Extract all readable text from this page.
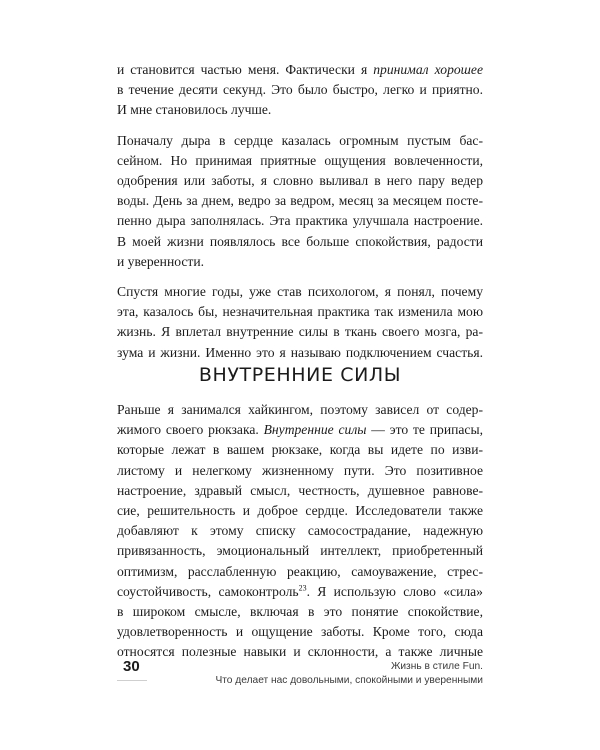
и становится частью меня. Фактически я принимал хорошее
в течение десяти секунд. Это было быстро, легко и приятно.
И мне становилось лучше.

Поначалу дыра в сердце казалась огромным пустым бас-
сейном. Но принимая приятные ощущения вовлеченности,
одобрения или заботы, я словно выливал в него пару ведер
воды. День за днем, ведро за ведром, месяц за месяцем посте-
пенно дыра заполнялась. Эта практика улучшала настроение.
В моей жизни появлялось все больше спокойствия, радости
и уверенности.

Спустя многие годы, уже став психологом, я понял, почему
эта, казалось бы, незначительная практика так изменила мою
жизнь. Я вплетал внутренние силы в ткань своего мозга, ра-
зума и жизни. Именно это я называю подключением счастья.

ВНУТРЕННИЕ СИЛЫ

Раньше я занимался хайкингом, поэтому зависел от содер-
жимого своего рюкзака. Внутренние силы — это те припасы,
которые лежат в вашем рюкзаке, когда вы идете по изви-
листому и нелегкому жизненному пути. Это позитивное
настроение, здравый смысл, честность, душевное равнове-
сие, решительность и доброе сердце. Исследователи также
добавляют к этому списку самосострадание, надежную
привязанность, эмоциональный интеллект, приобретенный
оптимизм, расслабленную реакцию, самоуважение, стрес-
соустойчивость, самоконтроль$^{23}$. Я использую слово «сила»
в широком смысле, включая в это понятие спокойствие,
удовлетворенность и ощущение заботы. Кроме того, сюда
относятся полезные навыки и склонности, а также личные

30	Жизнь в стиле Fun.
Что делает нас довольными, спокойными и уверенными
